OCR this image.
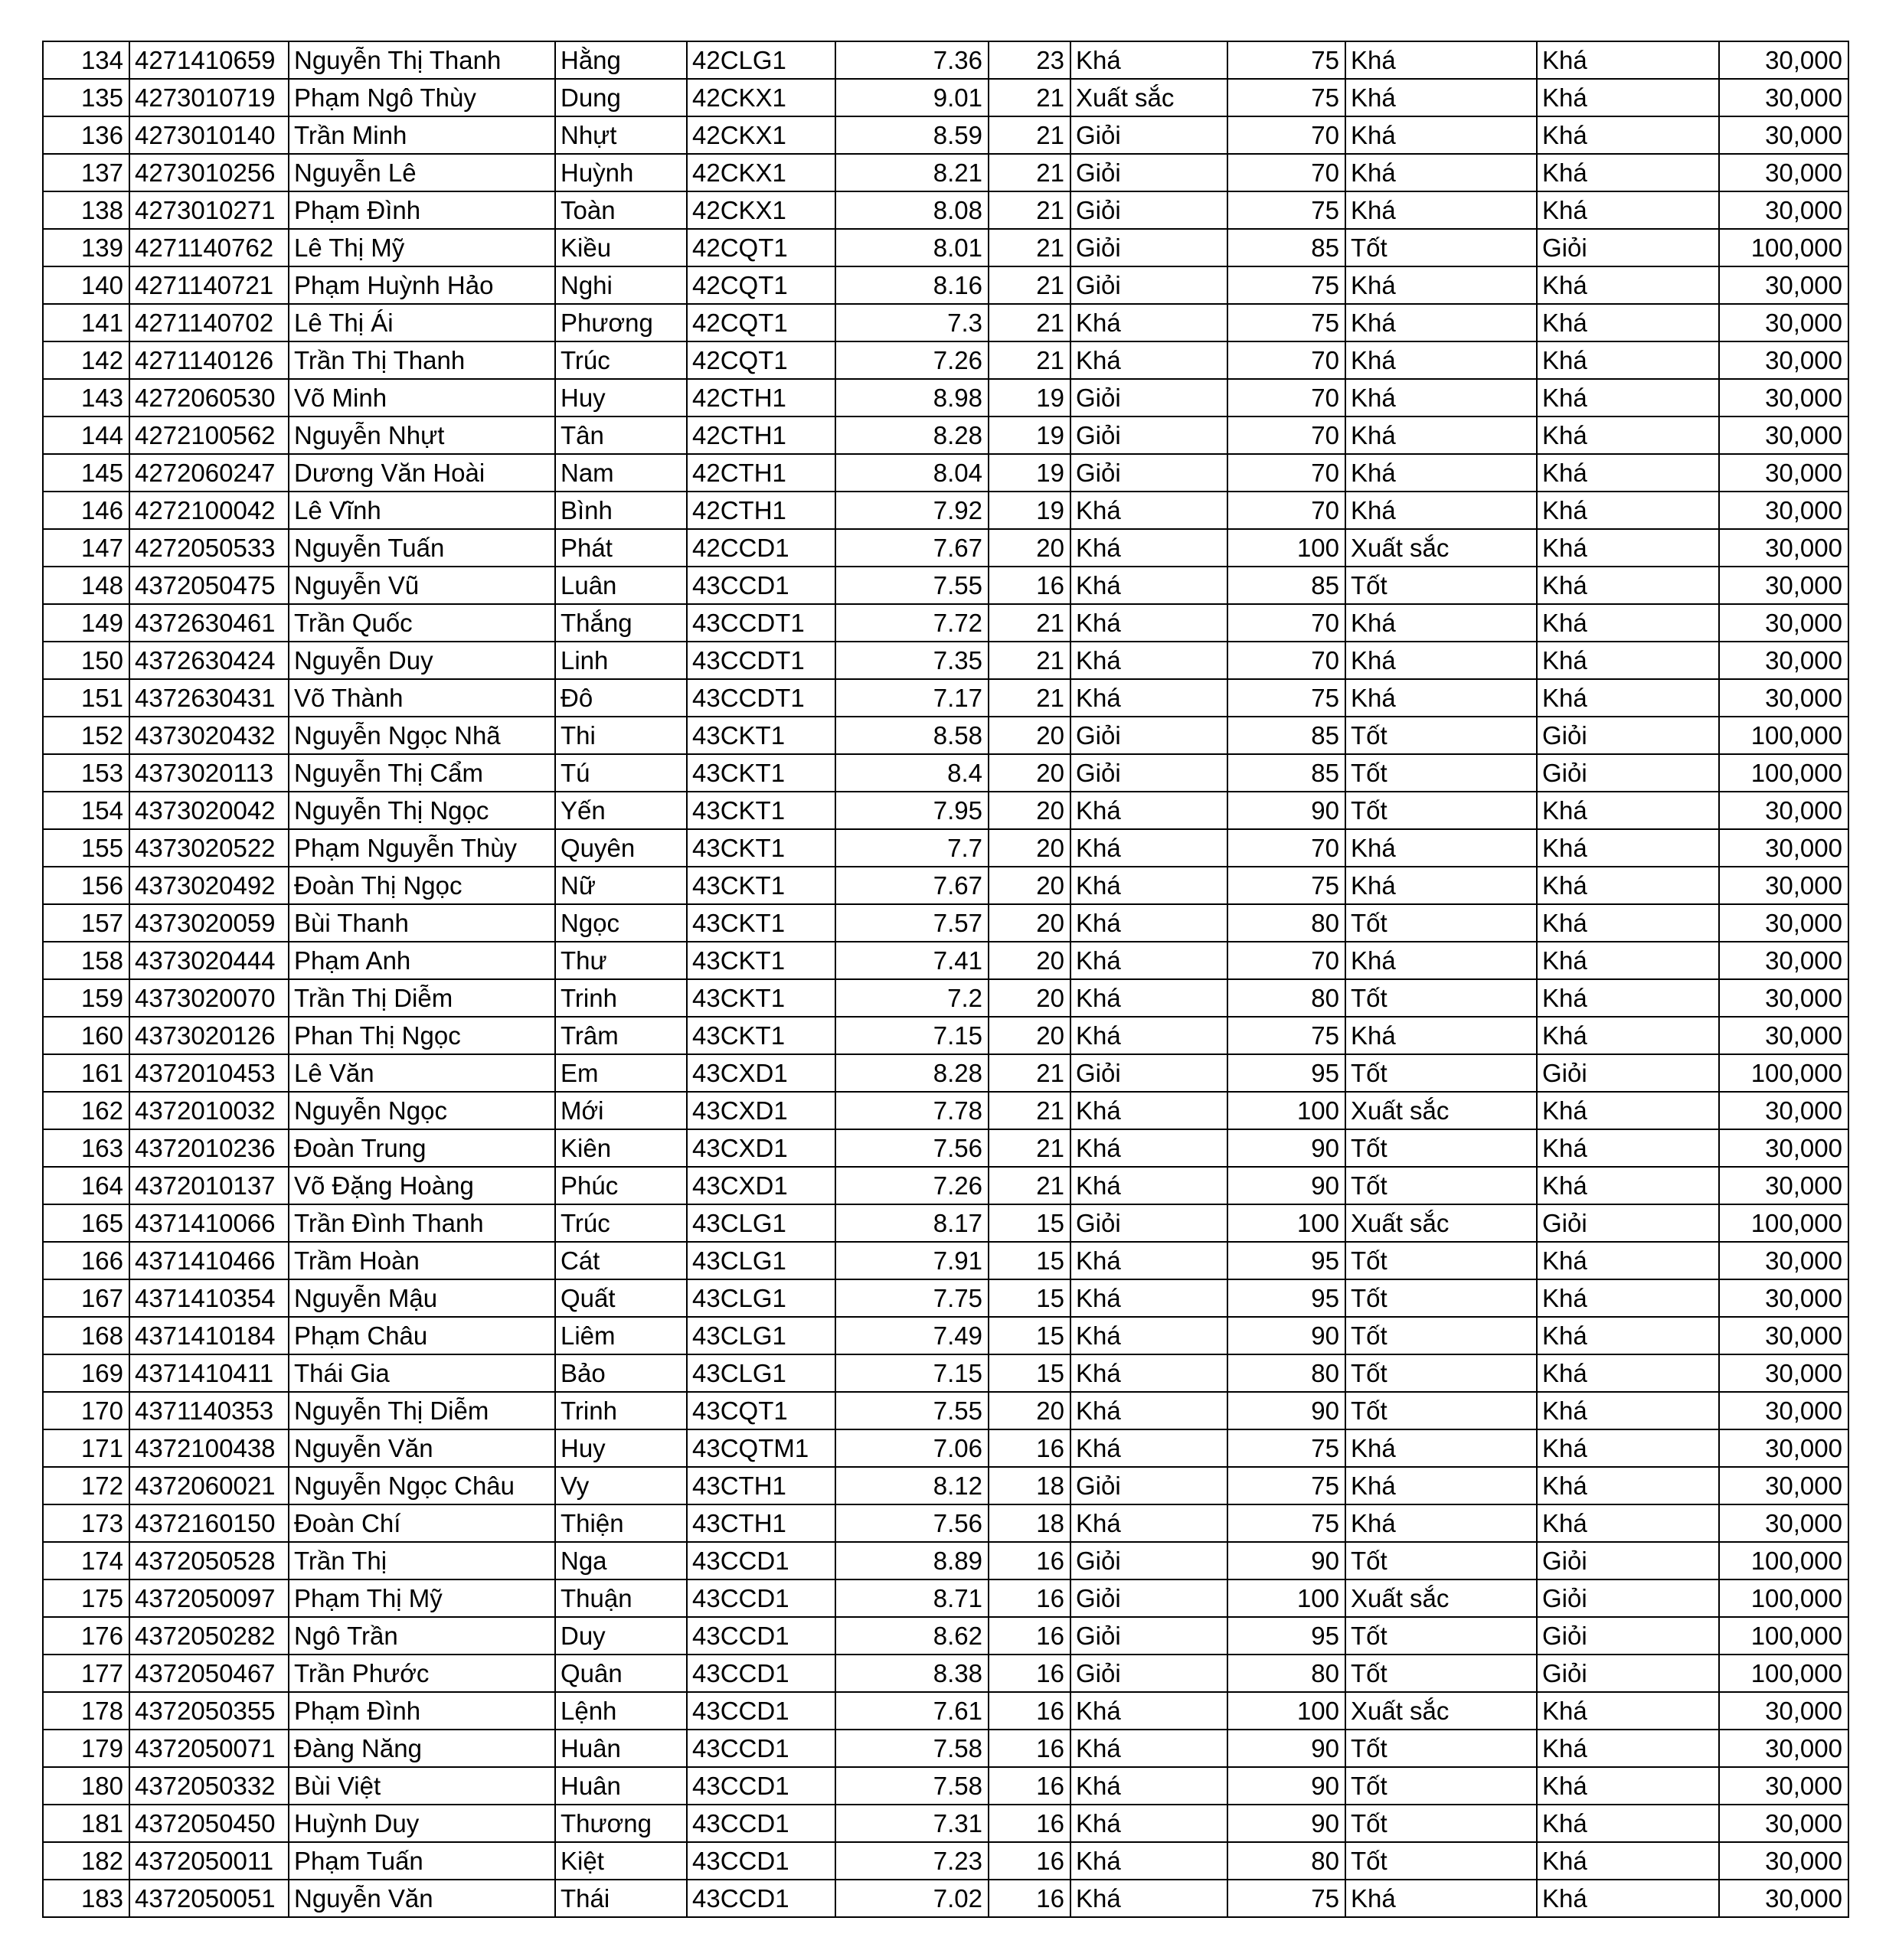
134	4271410659	Nguyễn Thị Thanh	Hằng	42CLG1	7.36	23	Khá	75	Khá	Khá	30,000
135	4273010719	Phạm Ngô Thùy	Dung	42CKX1	9.01	21	Xuất sắc	75	Khá	Khá	30,000
136	4273010140	Trần Minh	Nhựt	42CKX1	8.59	21	Giỏi	70	Khá	Khá	30,000
137	4273010256	Nguyễn Lê	Huỳnh	42CKX1	8.21	21	Giỏi	70	Khá	Khá	30,000
138	4273010271	Phạm Đình	Toàn	42CKX1	8.08	21	Giỏi	75	Khá	Khá	30,000
139	4271140762	Lê Thị Mỹ	Kiều	42CQT1	8.01	21	Giỏi	85	Tốt	Giỏi	100,000
140	4271140721	Phạm Huỳnh Hảo	Nghi	42CQT1	8.16	21	Giỏi	75	Khá	Khá	30,000
141	4271140702	Lê Thị Ái	Phương	42CQT1	7.3	21	Khá	75	Khá	Khá	30,000
142	4271140126	Trần Thị Thanh	Trúc	42CQT1	7.26	21	Khá	70	Khá	Khá	30,000
143	4272060530	Võ Minh	Huy	42CTH1	8.98	19	Giỏi	70	Khá	Khá	30,000
144	4272100562	Nguyễn Nhựt	Tân	42CTH1	8.28	19	Giỏi	70	Khá	Khá	30,000
145	4272060247	Dương Văn Hoài	Nam	42CTH1	8.04	19	Giỏi	70	Khá	Khá	30,000
146	4272100042	Lê Vĩnh	Bình	42CTH1	7.92	19	Khá	70	Khá	Khá	30,000
147	4272050533	Nguyễn Tuấn	Phát	42CCD1	7.67	20	Khá	100	Xuất sắc	Khá	30,000
148	4372050475	Nguyễn Vũ	Luân	43CCD1	7.55	16	Khá	85	Tốt	Khá	30,000
149	4372630461	Trần Quốc	Thắng	43CCDT1	7.72	21	Khá	70	Khá	Khá	30,000
150	4372630424	Nguyễn Duy	Linh	43CCDT1	7.35	21	Khá	70	Khá	Khá	30,000
151	4372630431	Võ Thành	Đô	43CCDT1	7.17	21	Khá	75	Khá	Khá	30,000
152	4373020432	Nguyễn Ngọc Nhã	Thi	43CKT1	8.58	20	Giỏi	85	Tốt	Giỏi	100,000
153	4373020113	Nguyễn Thị Cẩm	Tú	43CKT1	8.4	20	Giỏi	85	Tốt	Giỏi	100,000
154	4373020042	Nguyễn Thị Ngọc	Yến	43CKT1	7.95	20	Khá	90	Tốt	Khá	30,000
155	4373020522	Phạm Nguyễn Thùy	Quyên	43CKT1	7.7	20	Khá	70	Khá	Khá	30,000
156	4373020492	Đoàn Thị Ngọc	Nữ	43CKT1	7.67	20	Khá	75	Khá	Khá	30,000
157	4373020059	Bùi Thanh	Ngọc	43CKT1	7.57	20	Khá	80	Tốt	Khá	30,000
158	4373020444	Phạm Anh	Thư	43CKT1	7.41	20	Khá	70	Khá	Khá	30,000
159	4373020070	Trần Thị Diễm	Trinh	43CKT1	7.2	20	Khá	80	Tốt	Khá	30,000
160	4373020126	Phan Thị Ngọc	Trâm	43CKT1	7.15	20	Khá	75	Khá	Khá	30,000
161	4372010453	Lê Văn	Em	43CXD1	8.28	21	Giỏi	95	Tốt	Giỏi	100,000
162	4372010032	Nguyễn Ngọc	Mới	43CXD1	7.78	21	Khá	100	Xuất sắc	Khá	30,000
163	4372010236	Đoàn Trung	Kiên	43CXD1	7.56	21	Khá	90	Tốt	Khá	30,000
164	4372010137	Võ Đặng Hoàng	Phúc	43CXD1	7.26	21	Khá	90	Tốt	Khá	30,000
165	4371410066	Trần Đình Thanh	Trúc	43CLG1	8.17	15	Giỏi	100	Xuất sắc	Giỏi	100,000
166	4371410466	Trầm Hoàn	Cát	43CLG1	7.91	15	Khá	95	Tốt	Khá	30,000
167	4371410354	Nguyễn Mậu	Quất	43CLG1	7.75	15	Khá	95	Tốt	Khá	30,000
168	4371410184	Phạm Châu	Liêm	43CLG1	7.49	15	Khá	90	Tốt	Khá	30,000
169	4371410411	Thái Gia	Bảo	43CLG1	7.15	15	Khá	80	Tốt	Khá	30,000
170	4371140353	Nguyễn Thị Diễm	Trinh	43CQT1	7.55	20	Khá	90	Tốt	Khá	30,000
171	4372100438	Nguyễn Văn	Huy	43CQTM1	7.06	16	Khá	75	Khá	Khá	30,000
172	4372060021	Nguyễn Ngọc Châu	Vy	43CTH1	8.12	18	Giỏi	75	Khá	Khá	30,000
173	4372160150	Đoàn Chí	Thiện	43CTH1	7.56	18	Khá	75	Khá	Khá	30,000
174	4372050528	Trần Thị	Nga	43CCD1	8.89	16	Giỏi	90	Tốt	Giỏi	100,000
175	4372050097	Phạm Thị Mỹ	Thuận	43CCD1	8.71	16	Giỏi	100	Xuất sắc	Giỏi	100,000
176	4372050282	Ngô Trần	Duy	43CCD1	8.62	16	Giỏi	95	Tốt	Giỏi	100,000
177	4372050467	Trần Phước	Quân	43CCD1	8.38	16	Giỏi	80	Tốt	Giỏi	100,000
178	4372050355	Phạm Đình	Lệnh	43CCD1	7.61	16	Khá	100	Xuất sắc	Khá	30,000
179	4372050071	Đàng Năng	Huân	43CCD1	7.58	16	Khá	90	Tốt	Khá	30,000
180	4372050332	Bùi Việt	Huân	43CCD1	7.58	16	Khá	90	Tốt	Khá	30,000
181	4372050450	Huỳnh Duy	Thương	43CCD1	7.31	16	Khá	90	Tốt	Khá	30,000
182	4372050011	Phạm Tuấn	Kiệt	43CCD1	7.23	16	Khá	80	Tốt	Khá	30,000
183	4372050051	Nguyễn Văn	Thái	43CCD1	7.02	16	Khá	75	Khá	Khá	30,000
